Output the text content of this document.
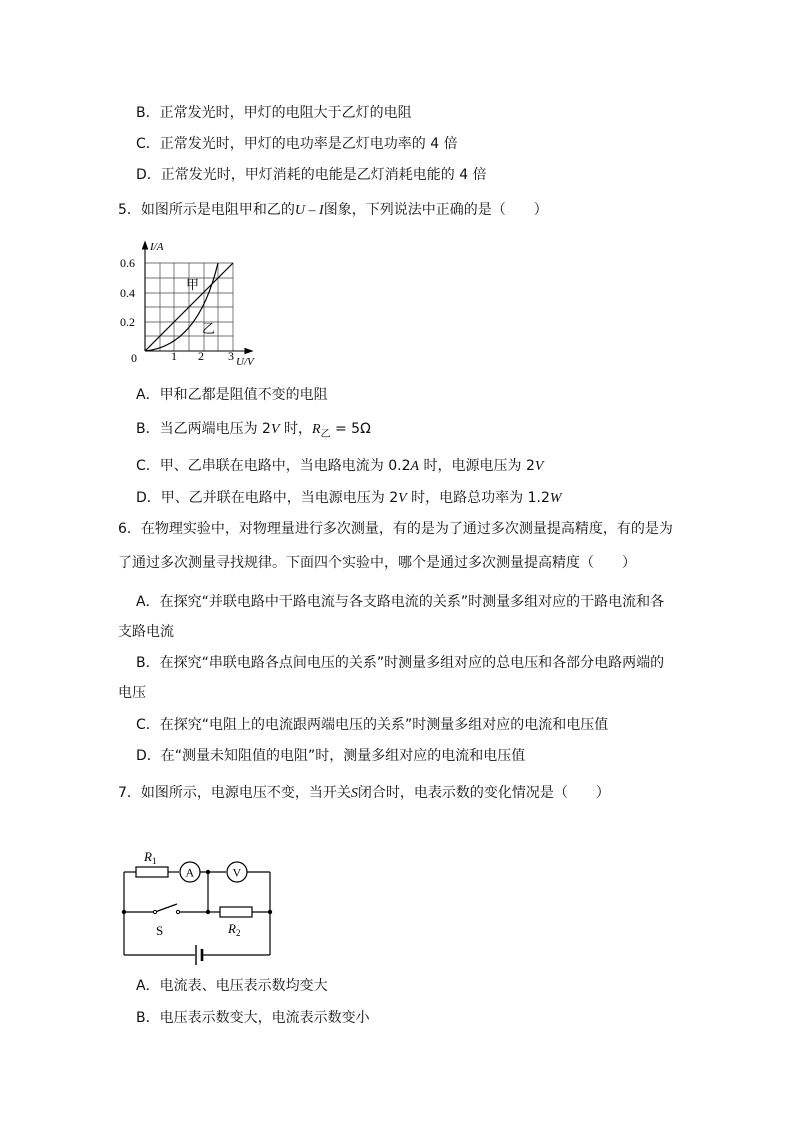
B．正常发光时，甲灯的电阻大于乙灯的电阻
C．正常发光时，甲灯的电功率是乙灯电功率的 4 倍
D．正常发光时，甲灯消耗的电能是乙灯消耗电能的 4 倍
5．如图所示是电阻甲和乙的U – I图象，下列说法中正确的是（　　）
I/A
U/V
0.6
0.4
0.2
0	1 2 3
甲
乙
A．甲和乙都是阻值不变的电阻
B．当乙两端电压为 2V 时，$R_乙 = 5\Omega$
C．甲、乙串联在电路中，当电路电流为 0.2A 时，电源电压为 2V
D．甲、乙并联在电路中，当电源电压为 2V 时，电路总功率为 1.2W
6．在物理实验中，对物理量进行多次测量，有的是为了通过多次测量提高精度，有的是为
了通过多次测量寻找规律。下面四个实验中，哪个是通过多次测量提高精度（　　）
A．在探究“并联电路中干路电流与各支路电流的关系”时测量多组对应的干路电流和各
支路电流
B．在探究“串联电路各点间电压的关系”时测量多组对应的总电压和各部分电路两端的
电压
C．在探究“电阻上的电流跟两端电压的关系”时测量多组对应的电流和电压值
D．在“测量未知阻值的电阻”时，测量多组对应的电流和电压值
7．如图所示，电源电压不变，当开关S闭合时，电表示数的变化情况是（　　）
$R_1$
A	V
S	$R_2$
A．电流表、电压表示数均变大
B．电压表示数变大，电流表示数变小
